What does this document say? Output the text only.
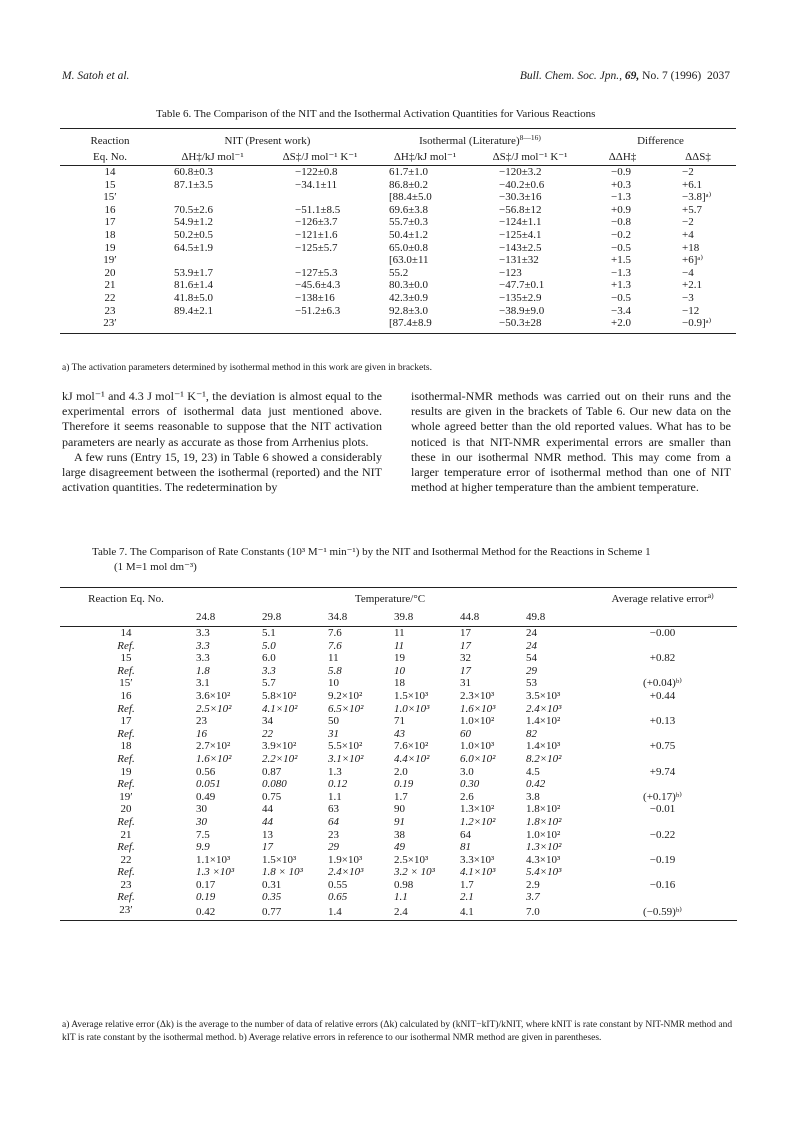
M. Satoh et al.	Bull. Chem. Soc. Jpn., 69, No. 7 (1996) 2037
Table 6. The Comparison of the NIT and the Isothermal Activation Quantities for Various Reactions
Reaction	NIT (Present work)		Isothermal (Literature)$^{8—16)}$		Difference	
Eq. No.	ΔH‡/kJ mol⁻¹	ΔS‡/J mol⁻¹ K⁻¹	ΔH‡/kJ mol⁻¹	ΔS‡/J mol⁻¹ K⁻¹	ΔΔH‡	ΔΔS‡
14	60.8±0.3	−122±0.8	61.7±1.0	−120±3.2	−0.9	−2
15	87.1±3.5	−34.1±11	86.8±0.2	−40.2±0.6	+0.3	+6.1
15′			[88.4±5.0	−30.3±16	−1.3	−3.8]ᵃ⁾
16	70.5±2.6	−51.1±8.5	69.6±3.8	−56.8±12	+0.9	+5.7
17	54.9±1.2	−126±3.7	55.7±0.3	−124±1.1	−0.8	−2
18	50.2±0.5	−121±1.6	50.4±1.2	−125±4.1	−0.2	+4
19	64.5±1.9	−125±5.7	65.0±0.8	−143±2.5	−0.5	+18
19′			[63.0±11	−131±32	+1.5	+6]ᵃ⁾
20	53.9±1.7	−127±5.3	55.2	−123	−1.3	−4
21	81.6±1.4	−45.6±4.3	80.3±0.0	−47.7±0.1	+1.3	+2.1
22	41.8±5.0	−138±16	42.3±0.9	−135±2.9	−0.5	−3
23	89.4±2.1	−51.2±6.3	92.8±3.0	−38.9±9.0	−3.4	−12
23′			[87.4±8.9	−50.3±28	+2.0	−0.9]ᵃ⁾
a) The activation parameters determined by isothermal method in this work are given in brackets.

kJ mol⁻¹ and 4.3 J mol⁻¹ K⁻¹, the deviation is almost equal to the experimental errors of isothermal data just mentioned above. Therefore it seems reasonable to suppose that the NIT activation parameters are nearly as accurate as those from Arrhenius plots.

A few runs (Entry 15, 19, 23) in Table 6 showed a considerably large disagreement between the isothermal (reported) and the NIT activation quantities. The redetermination by

isothermal-NMR methods was carried out on their runs and the results are given in the brackets of Table 6. Our new data on the whole agreed better than the old reported values. What has to be noticed is that NIT-NMR experimental errors are smaller than these in our isothermal NMR method. This may come from a larger temperature error of isothermal method than one of NIT method at higher temperature than the ambient temperature.

Table 7. The Comparison of Rate Constants (10³ M⁻¹ min⁻¹) by the NIT and Isothermal Method for the Reactions in Scheme 1
(1 M=1 mol dm⁻³)
Reaction Eq. No.	Temperature/°C						Average relative error$^{a)}$
	24.8	29.8	34.8	39.8	44.8	49.8	
14	3.3	5.1	7.6	11	17	24	−0.00
Ref.	3.3	5.0	7.6	11	17	24	
15	3.3	6.0	11	19	32	54	+0.82
Ref.	1.8	3.3	5.8	10	17	29	
15′	3.1	5.7	10	18	31	53	(+0.04)ᵇ⁾
16	3.6×10²	5.8×10²	9.2×10²	1.5×10³	2.3×10³	3.5×10³	+0.44
Ref.	2.5×10²	4.1×10²	6.5×10²	1.0×10³	1.6×10³	2.4×10³	
17	23	34	50	71	1.0×10²	1.4×10²	+0.13
Ref.	16	22	31	43	60	82	
18	2.7×10²	3.9×10²	5.5×10²	7.6×10²	1.0×10³	1.4×10³	+0.75
Ref.	1.6×10²	2.2×10²	3.1×10²	4.4×10²	6.0×10²	8.2×10²	
19	0.56	0.87	1.3	2.0	3.0	4.5	+9.74
Ref.	0.051	0.080	0.12	0.19	0.30	0.42	
19′	0.49	0.75	1.1	1.7	2.6	3.8	(+0.17)ᵇ⁾
20	30	44	63	90	1.3×10²	1.8×10²	−0.01
Ref.	30	44	64	91	1.2×10²	1.8×10²	
21	7.5	13	23	38	64	1.0×10²	−0.22
Ref.	9.9	17	29	49	81	1.3×10²	
22	1.1×10³	1.5×10³	1.9×10³	2.5×10³	3.3×10³	4.3×10³	−0.19
Ref.	1.3 ×10³	1.8 × 10³	2.4×10³	3.2 × 10³	4.1×10³	5.4×10³	
23	0.17	0.31	0.55	0.98	1.7	2.9	−0.16
Ref.	0.19	0.35	0.65	1.1	2.1	3.7	
23′	0.42	0.77	1.4	2.4	4.1	7.0	(−0.59)ᵇ⁾
a) Average relative error (Δk) is the average to the number of data of relative errors (Δk) calculated by (kNIT−kIT)/kNIT, where kNIT is rate constant by NIT-NMR method and kIT is rate constant by the isothermal method. b) Average relative errors in reference to our isothermal NMR method are given in parentheses.
